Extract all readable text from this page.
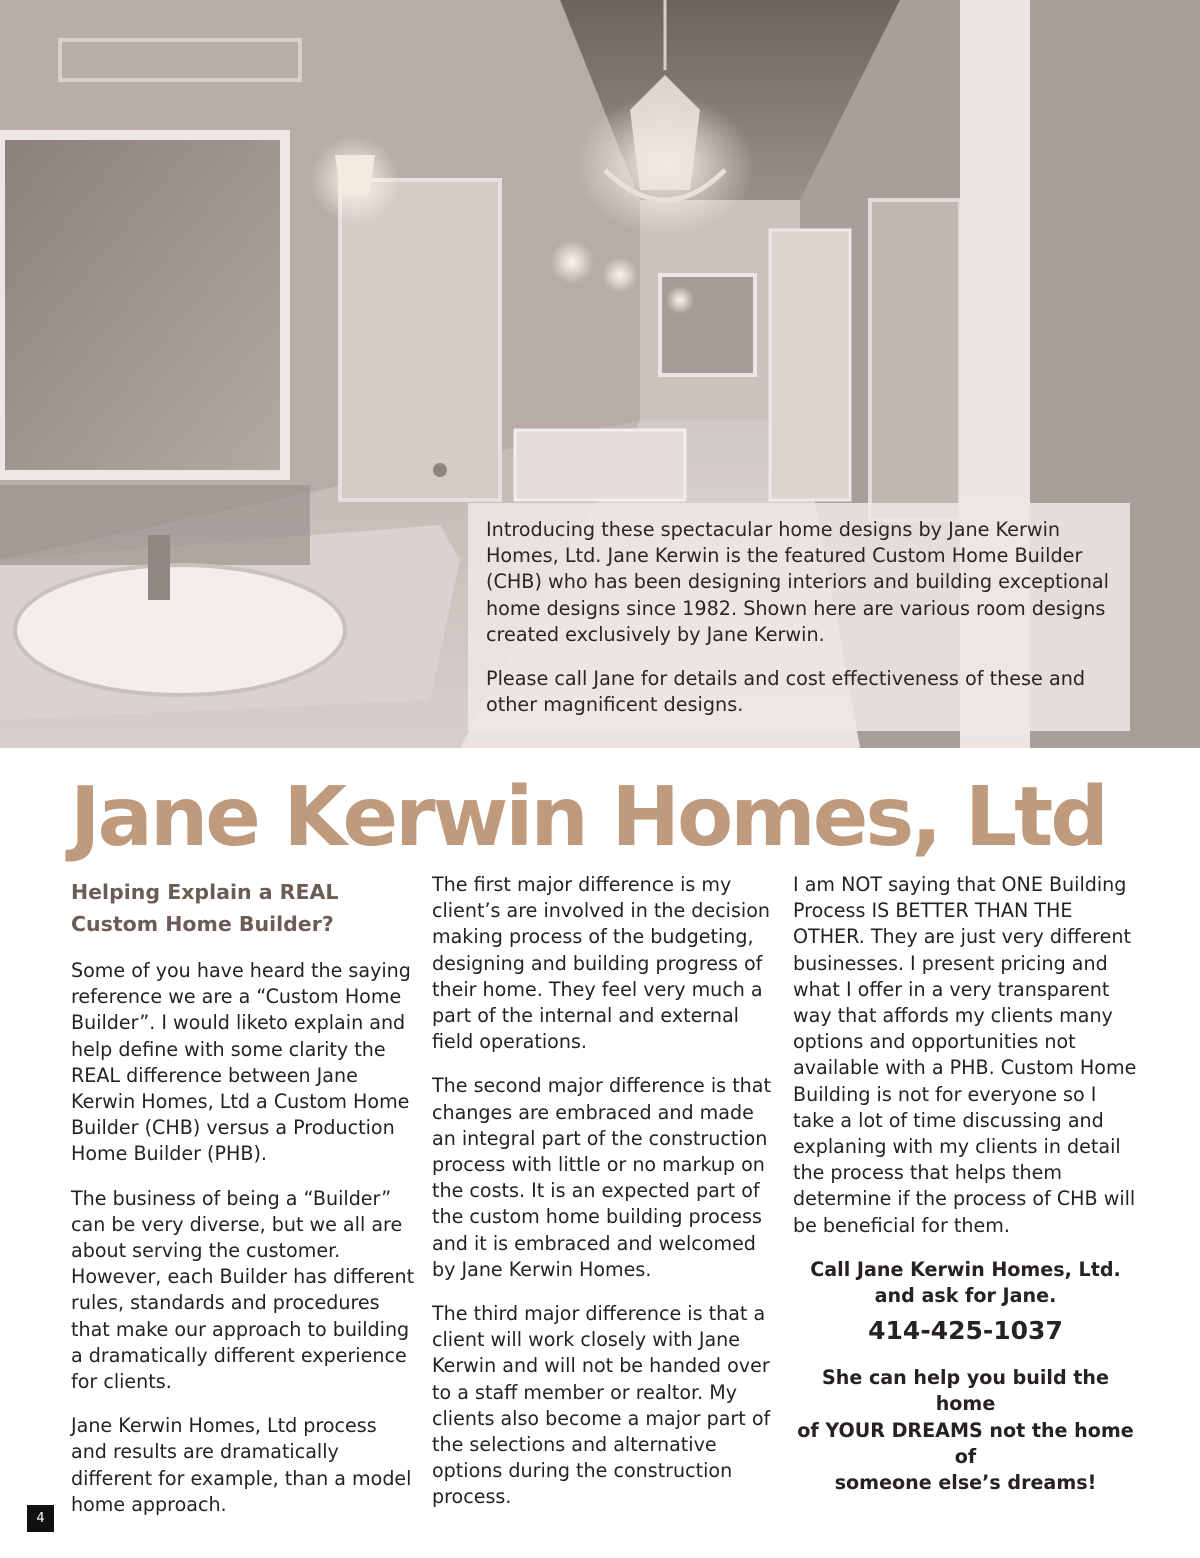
Introducing these spectacular home designs by Jane Kerwin Homes, Ltd. Jane Kerwin is the featured Custom Home Builder (CHB) who has been designing interiors and building exceptional home designs since 1982. Shown here are various room designs created exclusively by Jane Kerwin.

Please call Jane for details and cost effectiveness of these and other magnificent designs.

Jane Kerwin Homes, Ltd
Helping Explain a REAL
Custom Home Builder?

Some of you have heard the saying reference we are a “Custom Home Builder”. I would liketo explain and help define with some clarity the REAL difference between Jane Kerwin Homes, Ltd a Custom Home Builder (CHB) versus a Production Home Builder (PHB).

The business of being a “Builder” can be very diverse, but we all are about serving the customer. However, each Builder has different rules, standards and procedures that make our approach to building a dramatically different experience for clients.

Jane Kerwin Homes, Ltd process and results are dramatically different for example, than a model home approach.

The first major difference is my client’s are involved in the decision making process of the budgeting, designing and building progress of their home. They feel very much a part of the internal and external field operations.

The second major difference is that changes are embraced and made an integral part of the construction process with little or no markup on the costs. It is an expected part of the custom home building process and it is embraced and welcomed by Jane Kerwin Homes.

The third major difference is that a client will work closely with Jane Kerwin and will not be handed over to a staff member or realtor. My clients also become a major part of the selections and alternative options during the construction process.

I am NOT saying that ONE Building Process IS BETTER THAN THE OTHER. They are just very different businesses. I present pricing and what I offer in a very transparent way that affords my clients many options and opportunities not available with a PHB. Custom Home Building is not for everyone so I take a lot of time discussing and explaning with my clients in detail the process that helps them determine if the process of CHB will be beneficial for them.

Call Jane Kerwin Homes, Ltd.
and ask for Jane.
414-425-1037
She can help you build the home
of YOUR DREAMS not the home of
someone else’s dreams!
4
